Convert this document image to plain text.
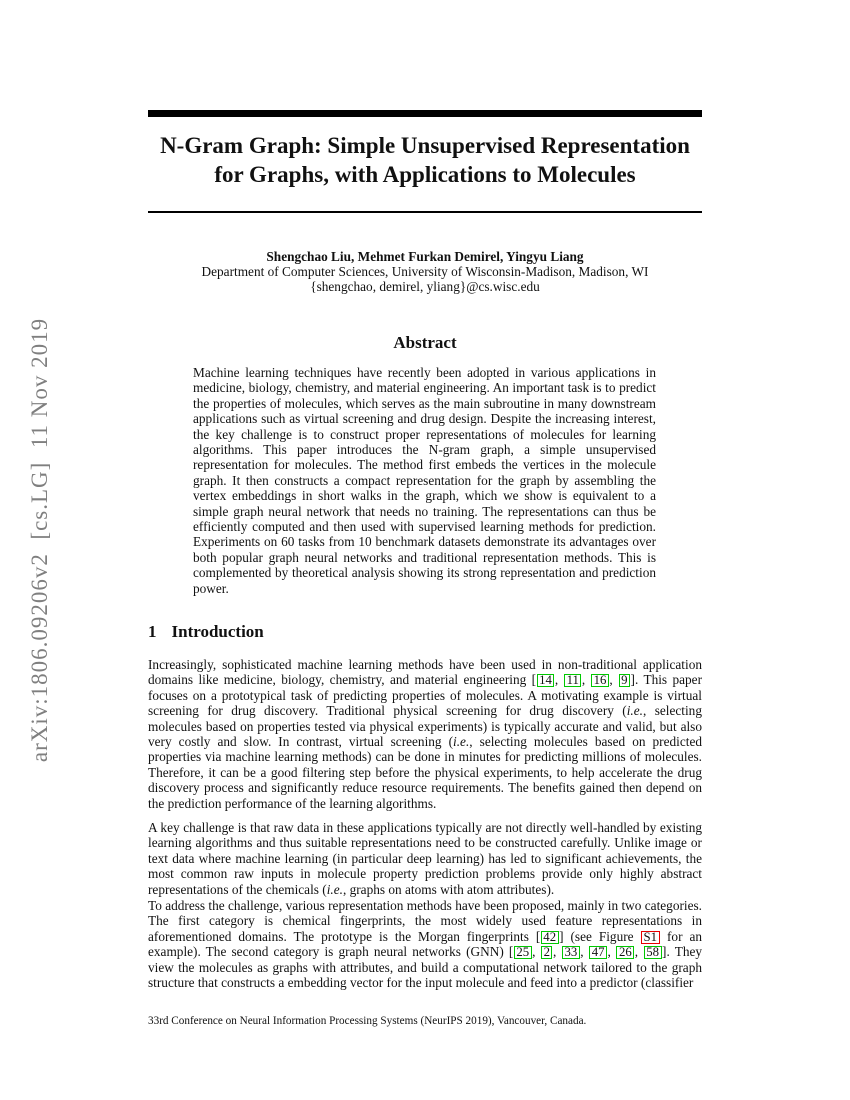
arXiv:1806.09206v2  [cs.LG]  11 Nov 2019
N-Gram Graph: Simple Unsupervised Representation
for Graphs, with Applications to Molecules
Shengchao Liu, Mehmet Furkan Demirel, Yingyu Liang
Department of Computer Sciences, University of Wisconsin-Madison, Madison, WI
{shengchao, demirel, yliang}@cs.wisc.edu
Abstract
Machine learning techniques have recently been adopted in various applications in medicine, biology, chemistry, and material engineering. An important task is to predict the properties of molecules, which serves as the main subroutine in many downstream applications such as virtual screening and drug design. Despite the increasing interest, the key challenge is to construct proper representations of molecules for learning algorithms. This paper introduces the N-gram graph, a simple unsupervised representation for molecules. The method first embeds the vertices in the molecule graph. It then constructs a compact representation for the graph by assembling the vertex embeddings in short walks in the graph, which we show is equivalent to a simple graph neural network that needs no training. The representations can thus be efficiently computed and then used with supervised learning methods for prediction. Experiments on 60 tasks from 10 benchmark datasets demonstrate its advantages over both popular graph neural networks and traditional representation methods. This is complemented by theoretical analysis showing its strong representation and prediction power.
1 Introduction
Increasingly, sophisticated machine learning methods have been used in non-traditional application domains like medicine, biology, chemistry, and material engineering [ 14 , 11 , 16 , 9 ]. This paper focuses on a prototypical task of predicting properties of molecules. A motivating example is virtual screening for drug discovery. Traditional physical screening for drug discovery (i.e., selecting molecules based on properties tested via physical experiments) is typically accurate and valid, but also very costly and slow. In contrast, virtual screening (i.e., selecting molecules based on predicted properties via machine learning methods) can be done in minutes for predicting millions of molecules. Therefore, it can be a good filtering step before the physical experiments, to help accelerate the drug discovery process and significantly reduce resource requirements. The benefits gained then depend on the prediction performance of the learning algorithms.
A key challenge is that raw data in these applications typically are not directly well-handled by existing learning algorithms and thus suitable representations need to be constructed carefully. Unlike image or text data where machine learning (in particular deep learning) has led to significant achievements, the most common raw inputs in molecule property prediction problems provide only highly abstract representations of the chemicals (i.e., graphs on atoms with atom attributes).
To address the challenge, various representation methods have been proposed, mainly in two categories. The first category is chemical fingerprints, the most widely used feature representations in aforementioned domains. The prototype is the Morgan fingerprints [ 42 ] (see Figure S1 for an example). The second category is graph neural networks (GNN) [ 25 , 2 , 33 , 47 , 26 , 58 ]. They view the molecules as graphs with attributes, and build a computational network tailored to the graph structure that constructs a embedding vector for the input molecule and feed into a predictor (classifier
33rd Conference on Neural Information Processing Systems (NeurIPS 2019), Vancouver, Canada.
